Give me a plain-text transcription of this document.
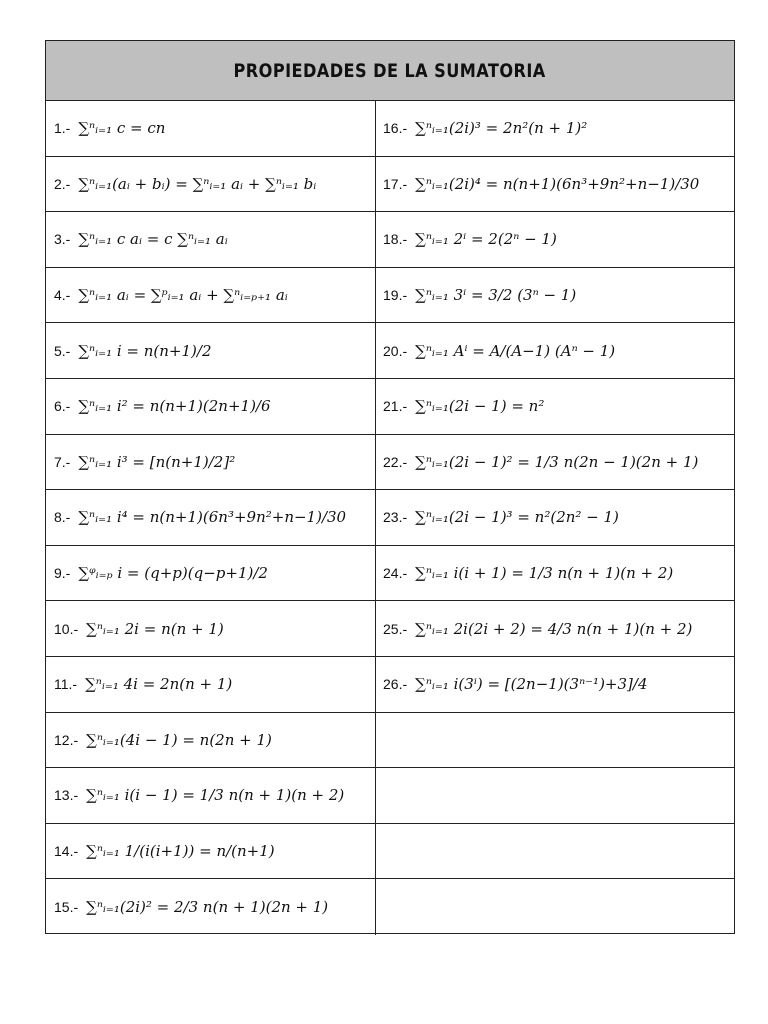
PROPIEDADES DE LA SUMATORIA
1.- ∑ⁿᵢ₌₁ c = cn	16.- ∑ⁿᵢ₌₁(2i)³ = 2n²(n + 1)²
2.- ∑ⁿᵢ₌₁(aᵢ + bᵢ) = ∑ⁿᵢ₌₁ aᵢ + ∑ⁿᵢ₌₁ bᵢ	17.- ∑ⁿᵢ₌₁(2i)⁴ = n(n+1)(6n³+9n²+n−1)/30
3.- ∑ⁿᵢ₌₁ c aᵢ = c ∑ⁿᵢ₌₁ aᵢ	18.- ∑ⁿᵢ₌₁ 2ⁱ = 2(2ⁿ − 1)
4.- ∑ⁿᵢ₌₁ aᵢ = ∑ᵖᵢ₌₁ aᵢ + ∑ⁿᵢ₌ₚ₊₁ aᵢ	19.- ∑ⁿᵢ₌₁ 3ⁱ = 3/2 (3ⁿ − 1)
5.- ∑ⁿᵢ₌₁ i = n(n+1)/2	20.- ∑ⁿᵢ₌₁ Aⁱ = A/(A−1) (Aⁿ − 1)
6.- ∑ⁿᵢ₌₁ i² = n(n+1)(2n+1)/6	21.- ∑ⁿᵢ₌₁(2i − 1) = n²
7.- ∑ⁿᵢ₌₁ i³ = [n(n+1)/2]²	22.- ∑ⁿᵢ₌₁(2i − 1)² = 1/3 n(2n − 1)(2n + 1)
8.- ∑ⁿᵢ₌₁ i⁴ = n(n+1)(6n³+9n²+n−1)/30	23.- ∑ⁿᵢ₌₁(2i − 1)³ = n²(2n² − 1)
9.- ∑ᵠᵢ₌ₚ i = (q+p)(q−p+1)/2	24.- ∑ⁿᵢ₌₁ i(i + 1) = 1/3 n(n + 1)(n + 2)
10.- ∑ⁿᵢ₌₁ 2i = n(n + 1)	25.- ∑ⁿᵢ₌₁ 2i(2i + 2) = 4/3 n(n + 1)(n + 2)
11.- ∑ⁿᵢ₌₁ 4i = 2n(n + 1)	26.- ∑ⁿᵢ₌₁ i(3ⁱ) = [(2n−1)(3ⁿ⁻¹)+3]/4
12.- ∑ⁿᵢ₌₁(4i − 1) = n(2n + 1)
13.- ∑ⁿᵢ₌₁ i(i − 1) = 1/3 n(n + 1)(n + 2)
14.- ∑ⁿᵢ₌₁ 1/(i(i+1)) = n/(n+1)
15.- ∑ⁿᵢ₌₁(2i)² = 2/3 n(n + 1)(2n + 1)
